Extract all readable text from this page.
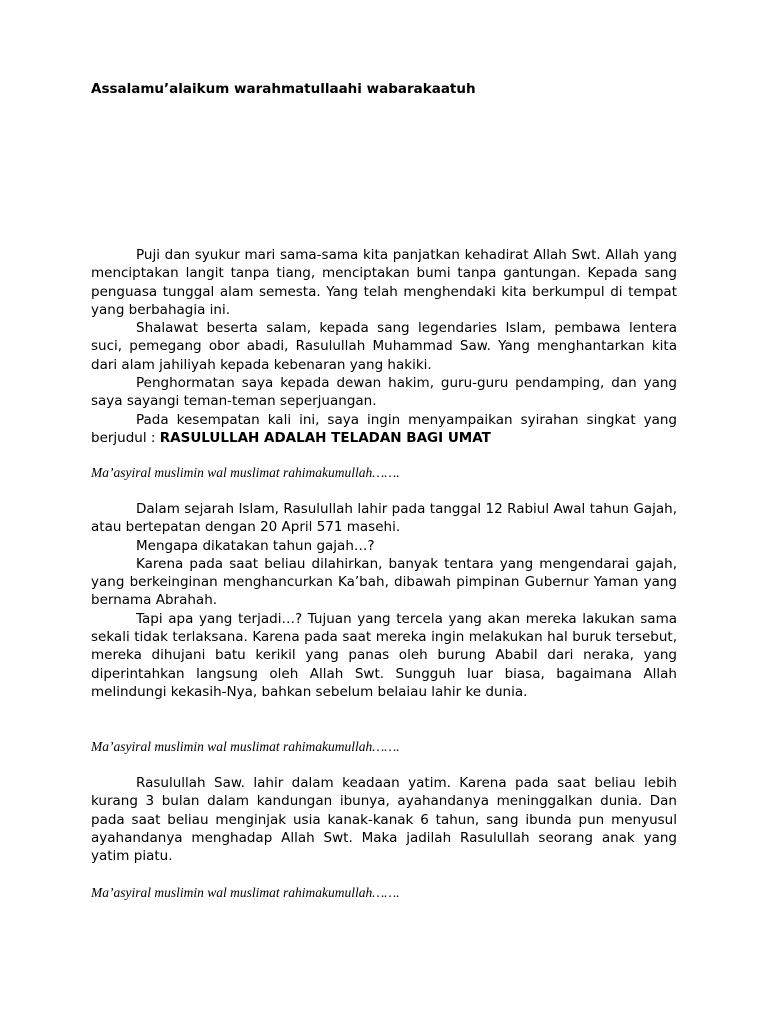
Assalamu’alaikum warahmatullaahi wabarakaatuh

Puji dan syukur mari sama-sama kita panjatkan kehadirat Allah Swt. Allah yang menciptakan langit tanpa tiang, menciptakan bumi tanpa gantungan. Kepada sang penguasa tunggal alam semesta. Yang telah menghendaki kita berkumpul di tempat yang berbahagia ini.

Shalawat beserta salam, kepada sang legendaries Islam, pembawa lentera suci, pemegang obor abadi, Rasulullah Muhammad Saw. Yang menghantarkan kita dari alam jahiliyah kepada kebenaran yang hakiki.

Penghormatan saya kepada dewan hakim, guru-guru pendamping, dan yang saya sayangi teman-teman seperjuangan.

Pada kesempatan kali ini, saya ingin menyampaikan syirahan singkat yang berjudul : RASULULLAH ADALAH TELADAN BAGI UMAT

Ma’asyiral muslimin wal muslimat rahimakumullah…….

Dalam sejarah Islam, Rasulullah lahir pada tanggal 12 Rabiul Awal tahun Gajah, atau bertepatan dengan 20 April 571 masehi.

Mengapa dikatakan tahun gajah…?

Karena pada saat beliau dilahirkan, banyak tentara yang mengendarai gajah, yang berkeinginan menghancurkan Ka’bah, dibawah pimpinan Gubernur Yaman yang bernama Abrahah.

Tapi apa yang terjadi…? Tujuan yang tercela yang akan mereka lakukan sama sekali tidak terlaksana. Karena pada saat mereka ingin melakukan hal buruk tersebut, mereka dihujani batu kerikil yang panas oleh burung Ababil dari neraka, yang diperintahkan langsung oleh Allah Swt. Sungguh luar biasa, bagaimana Allah melindungi kekasih-Nya, bahkan sebelum belaiau lahir ke dunia.

Ma’asyiral muslimin wal muslimat rahimakumullah…….

Rasulullah Saw. lahir dalam keadaan yatim. Karena pada saat beliau lebih kurang 3 bulan dalam kandungan ibunya, ayahandanya meninggalkan dunia. Dan pada saat beliau menginjak usia kanak-kanak 6 tahun, sang ibunda pun menyusul ayahandanya menghadap Allah Swt. Maka jadilah Rasulullah seorang anak yang yatim piatu.

Ma’asyiral muslimin wal muslimat rahimakumullah…….
